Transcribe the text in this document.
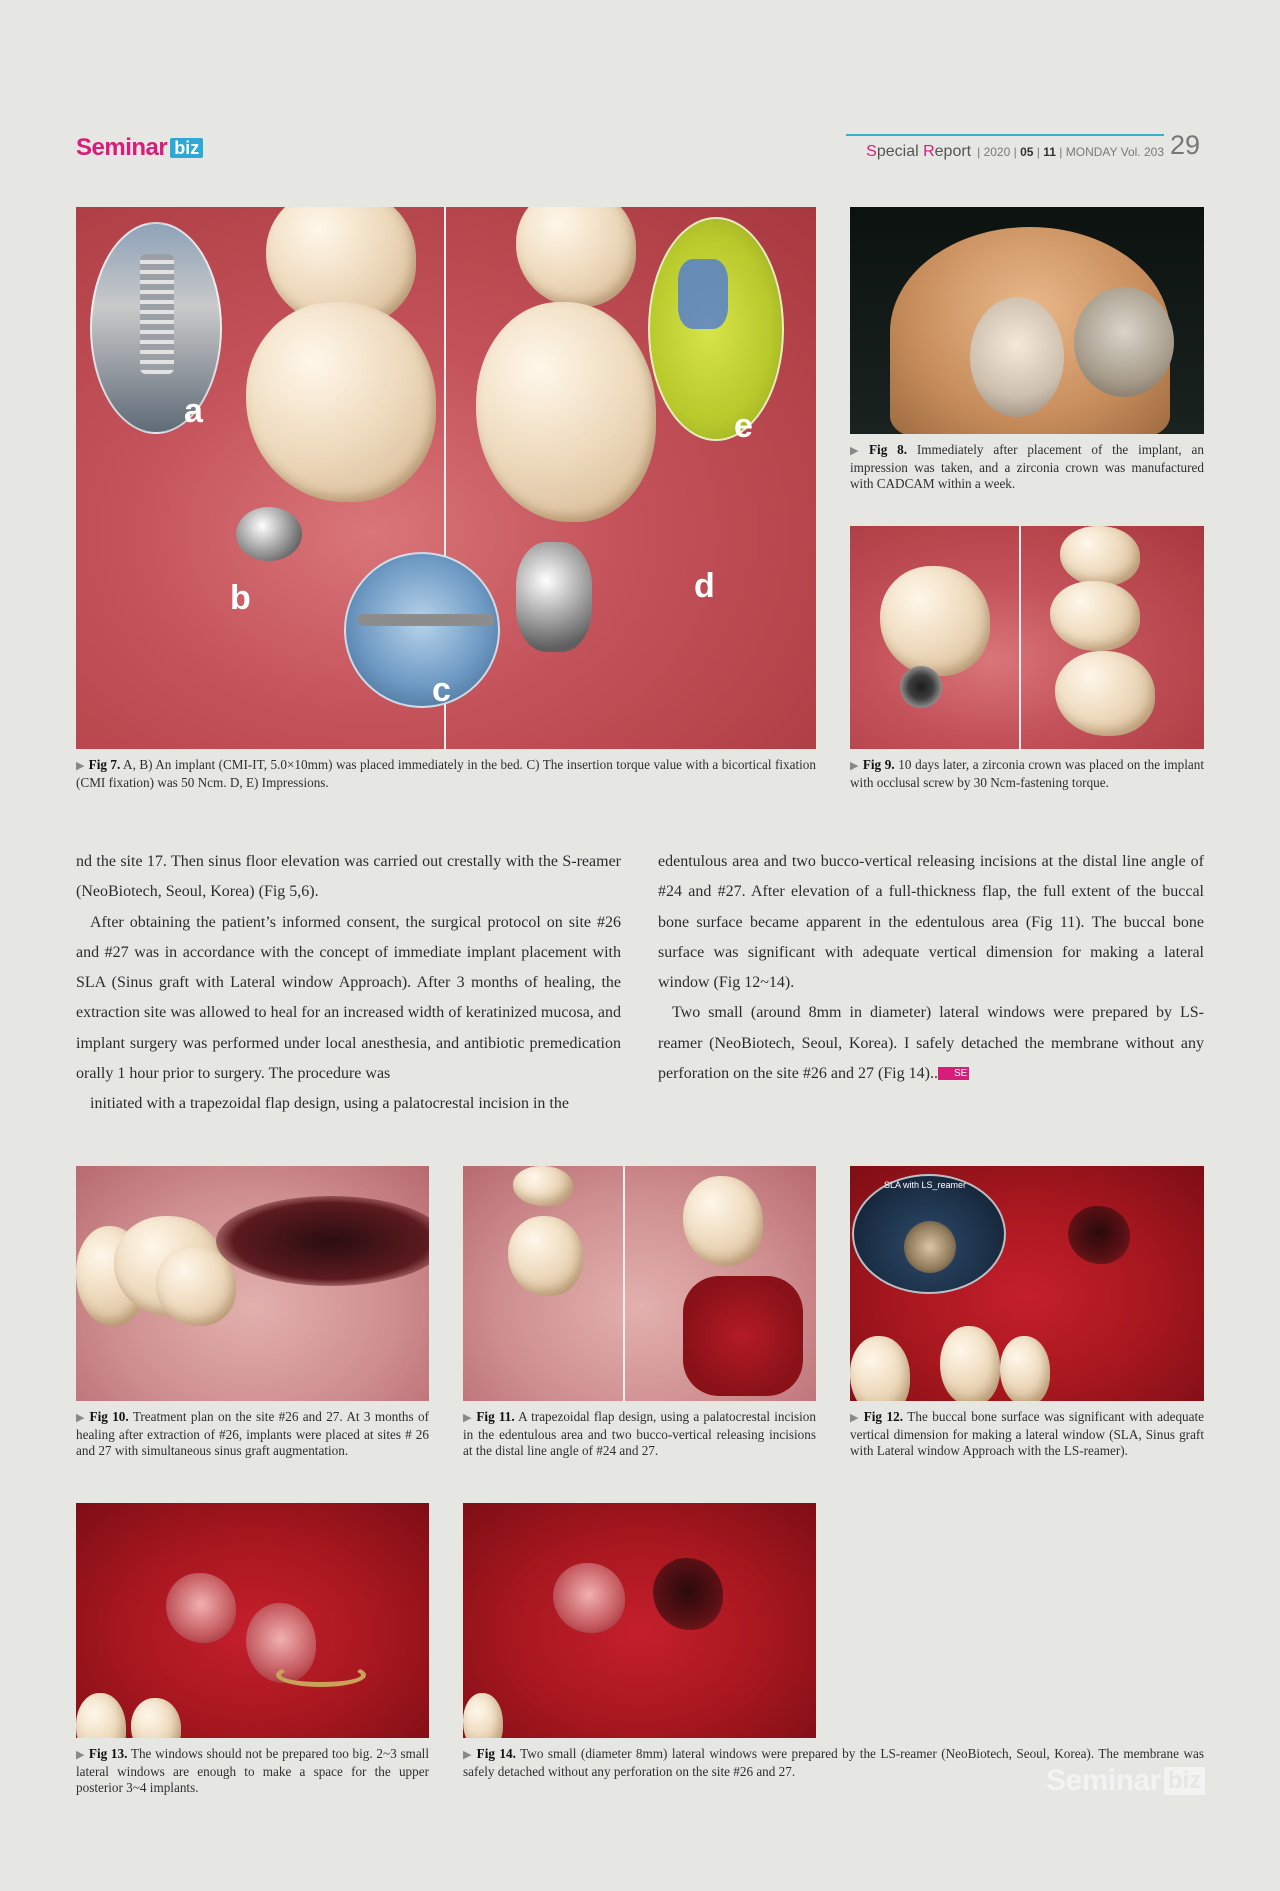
Seminar biz	Special Report | 2020 | 05 | 11 | MONDAY Vol. 203 29
a
b
c
d
e
▶ Fig 7. A, B) An implant (CMI-IT, 5.0×10mm) was placed immediately in the bed. C) The insertion torque value with a bicortical fixation (CMI fixation) was 50 Ncm. D, E) Impressions.
▶ Fig 8. Immediately after placement of the implant, an impression was taken, and a zirconia crown was manufactured with CADCAM within a week.
▶ Fig 9. 10 days later, a zirconia crown was placed on the implant with occlusal screw by 30 Ncm-fastening torque.

nd the site 17. Then sinus floor elevation was carried out crestally with the S-reamer (NeoBiotech, Seoul, Korea) (Fig 5,6).

After obtaining the patient’s informed consent, the surgical protocol on site #26 and #27 was in accordance with the concept of immediate implant placement with SLA (Sinus graft with Lateral window Approach). After 3 months of healing, the extraction site was allowed to heal for an increased width of keratinized mucosa, and implant surgery was performed under local anesthesia, and antibiotic premedication orally 1 hour prior to surgery. The procedure was

initiated with a trapezoidal flap design, using a palatocrestal incision in the

edentulous area and two bucco-vertical releasing incisions at the distal line angle of #24 and #27. After elevation of a full-thickness flap, the full extent of the buccal bone surface became apparent in the edentulous area (Fig 11). The buccal bone surface was significant with adequate vertical dimension for making a lateral window (Fig 12~14).

Two small (around 8mm in diameter) lateral windows were prepared by LS-reamer (NeoBiotech, Seoul, Korea). I safely detached the membrane without any perforation on the site #26 and 27 (Fig 14).. SE

▶ Fig 10. Treatment plan on the site #26 and 27. At 3 months of healing after extraction of #26, implants were placed at sites # 26 and 27 with simultaneous sinus graft augmentation.
▶ Fig 11. A trapezoidal flap design, using a palatocrestal incision in the edentulous area and two bucco-vertical releasing incisions at the distal line angle of #24 and 27.
SLA with LS_reamer
▶ Fig 12. The buccal bone surface was significant with adequate vertical dimension for making a lateral window (SLA, Sinus graft with Lateral window Approach with the LS-reamer).
▶ Fig 13. The windows should not be prepared too big. 2~3 small lateral windows are enough to make a space for the upper posterior 3~4 implants.
▶ Fig 14. Two small (diameter 8mm) lateral windows were prepared by the LS-reamer (NeoBiotech, Seoul, Korea). The membrane was safely detached without any perforation on the site #26 and 27.	Seminar biz
